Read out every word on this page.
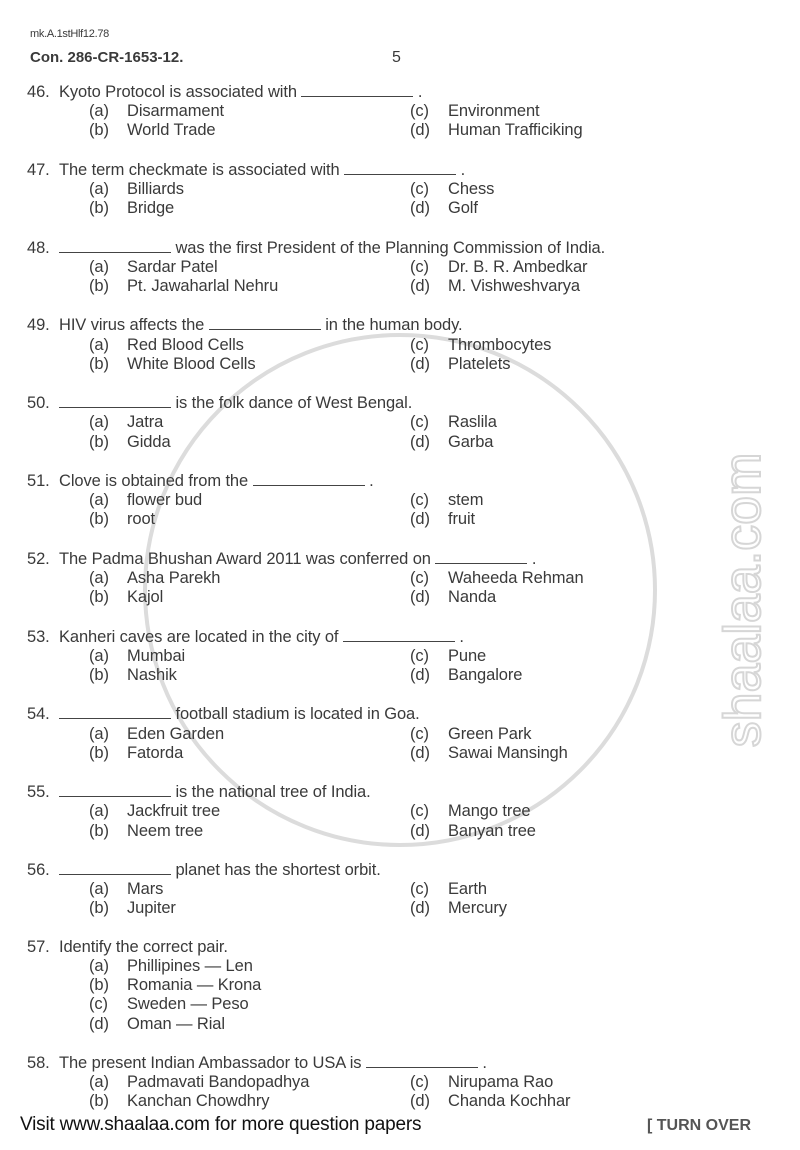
shaalaa.com
mk.A.1stHlf12.78
Con. 286-CR-1653-12.	5
46. Kyoto Protocol is associated with	.
(a)	Disarmament	(c)	Environment
(b)	World Trade	(d)	Human Trafficiking
47. The term checkmate is associated with	.
(a)	Billiards	(c)	Chess
(b)	Bridge	(d)	Golf
48.	was the first President of the Planning Commission of India.
(a)	Sardar Patel	(c)	Dr. B. R. Ambedkar
(b)	Pt. Jawaharlal Nehru	(d)	M. Vishweshvarya
49. HIV virus affects the	in the human body.
(a)	Red Blood Cells	(c)	Thrombocytes
(b)	White Blood Cells	(d)	Platelets
50.	is the folk dance of West Bengal.
(a)	Jatra	(c)	Raslila
(b)	Gidda	(d)	Garba
51. Clove is obtained from the	.
(a)	flower bud	(c)	stem
(b)	root	(d)	fruit
52. The Padma Bhushan Award 2011 was conferred on	.
(a)	Asha Parekh	(c)	Waheeda Rehman
(b)	Kajol	(d)	Nanda
53. Kanheri caves are located in the city of	.
(a)	Mumbai	(c)	Pune
(b)	Nashik	(d)	Bangalore
54.	football stadium is located in Goa.
(a)	Eden Garden	(c)	Green Park
(b)	Fatorda	(d)	Sawai Mansingh
55.	is the national tree of India.
(a)	Jackfruit tree	(c)	Mango tree
(b)	Neem tree	(d)	Banyan tree
56.	planet has the shortest orbit.
(a)	Mars	(c)	Earth
(b)	Jupiter	(d)	Mercury
57. Identify the correct pair.
(a)	Phillipines — Len
(b)	Romania — Krona
(c)	Sweden — Peso
(d)	Oman — Rial
58. The present Indian Ambassador to USA is	.
(a)	Padmavati Bandopadhya	(c)	Nirupama Rao
(b)	Kanchan Chowdhry	(d)	Chanda Kochhar
Visit www.shaalaa.com for more question papers	[ TURN OVER
